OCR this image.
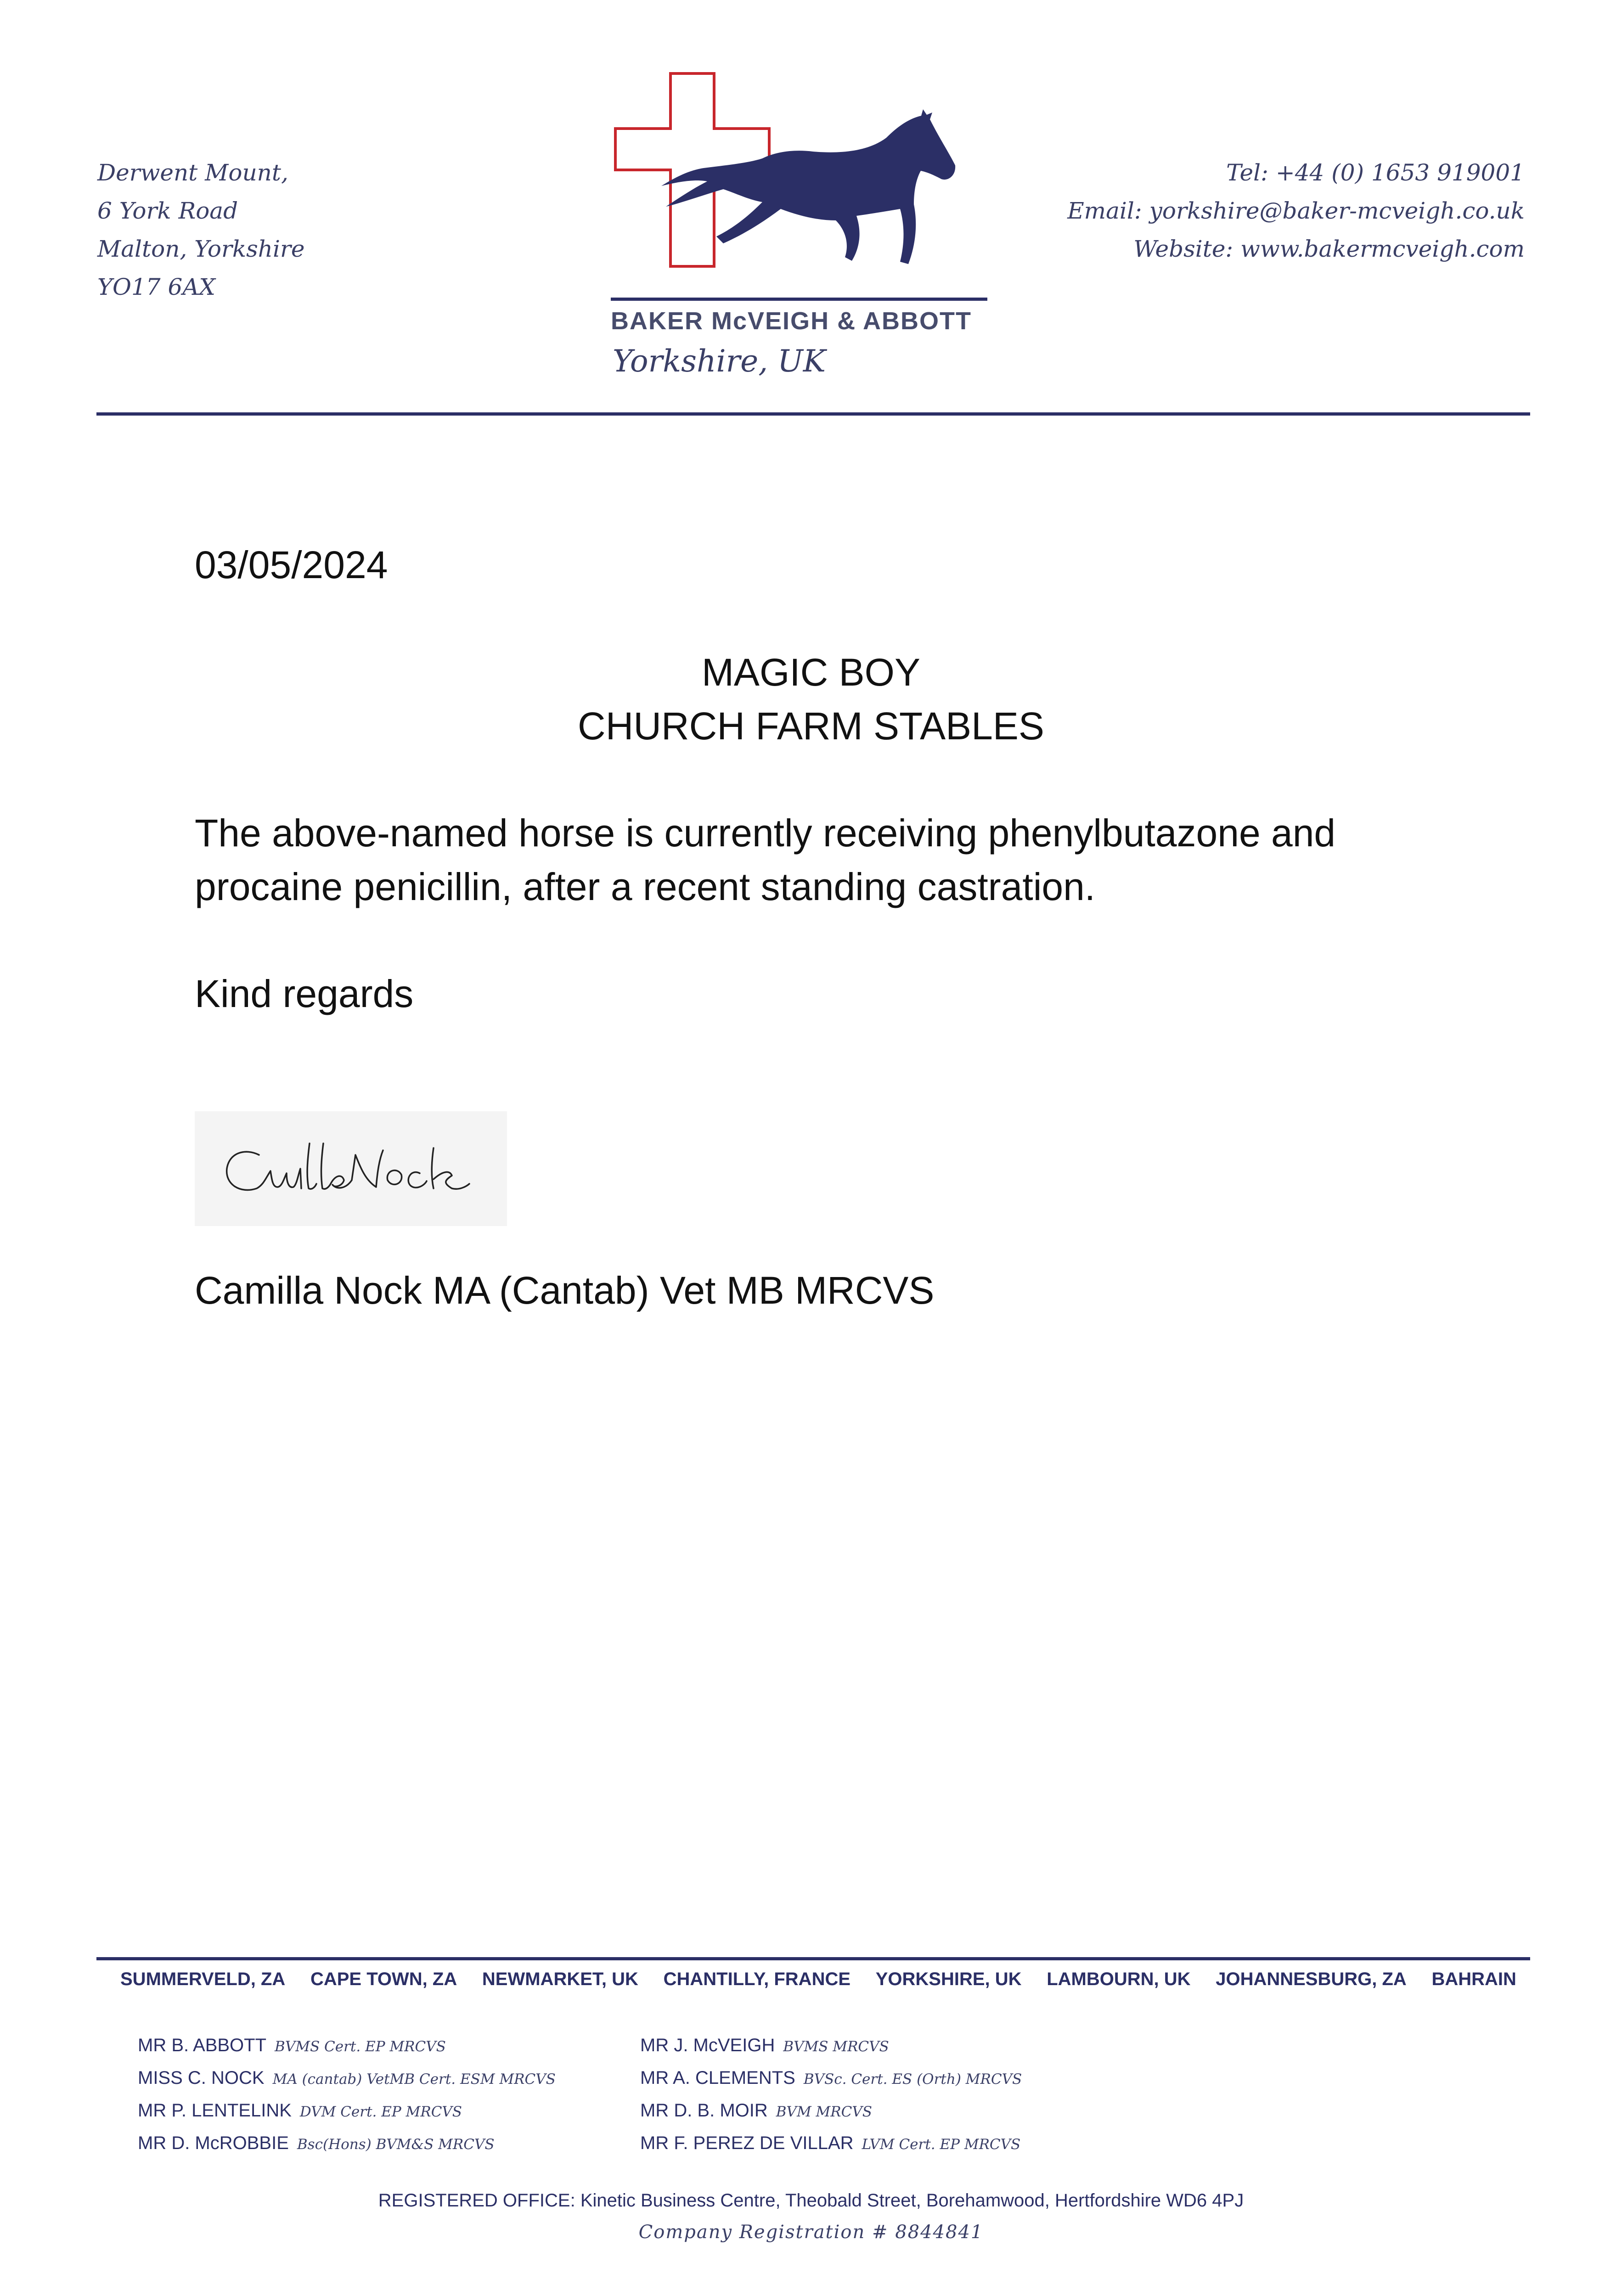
Derwent Mount,
6 York Road
Malton, Yorkshire
YO17 6AX
BAKER McVEIGH & ABBOTT
Yorkshire, UK
Tel: +44 (0) 1653 919001
Email: yorkshire@baker-mcveigh.co.uk
Website: www.bakermcveigh.com
03/05/2024
MAGIC BOY
CHURCH FARM STABLES
The above-named horse is currently receiving phenylbutazone and
procaine penicillin, after a recent standing castration.
Kind regards
Camilla Nock MA (Cantab) Vet MB MRCVS
SUMMERVELD, ZA CAPE TOWN, ZA NEWMARKET, UK CHANTILLY, FRANCE YORKSHIRE, UK LAMBOURN, UK JOHANNESBURG, ZA BAHRAIN
MR B. ABBOTT BVMS Cert. EP MRCVS
MISS C. NOCK MA (cantab) VetMB Cert. ESM MRCVS
MR P. LENTELINK DVM Cert. EP MRCVS
MR D. McROBBIE Bsc(Hons) BVM&S MRCVS
MR J. McVEIGH BVMS MRCVS
MR A. CLEMENTS BVSc. Cert. ES (Orth) MRCVS
MR D. B. MOIR BVM MRCVS
MR F. PEREZ DE VILLAR LVM Cert. EP MRCVS
REGISTERED OFFICE: Kinetic Business Centre, Theobald Street, Borehamwood, Hertfordshire WD6 4PJ
Company Registration # 8844841
